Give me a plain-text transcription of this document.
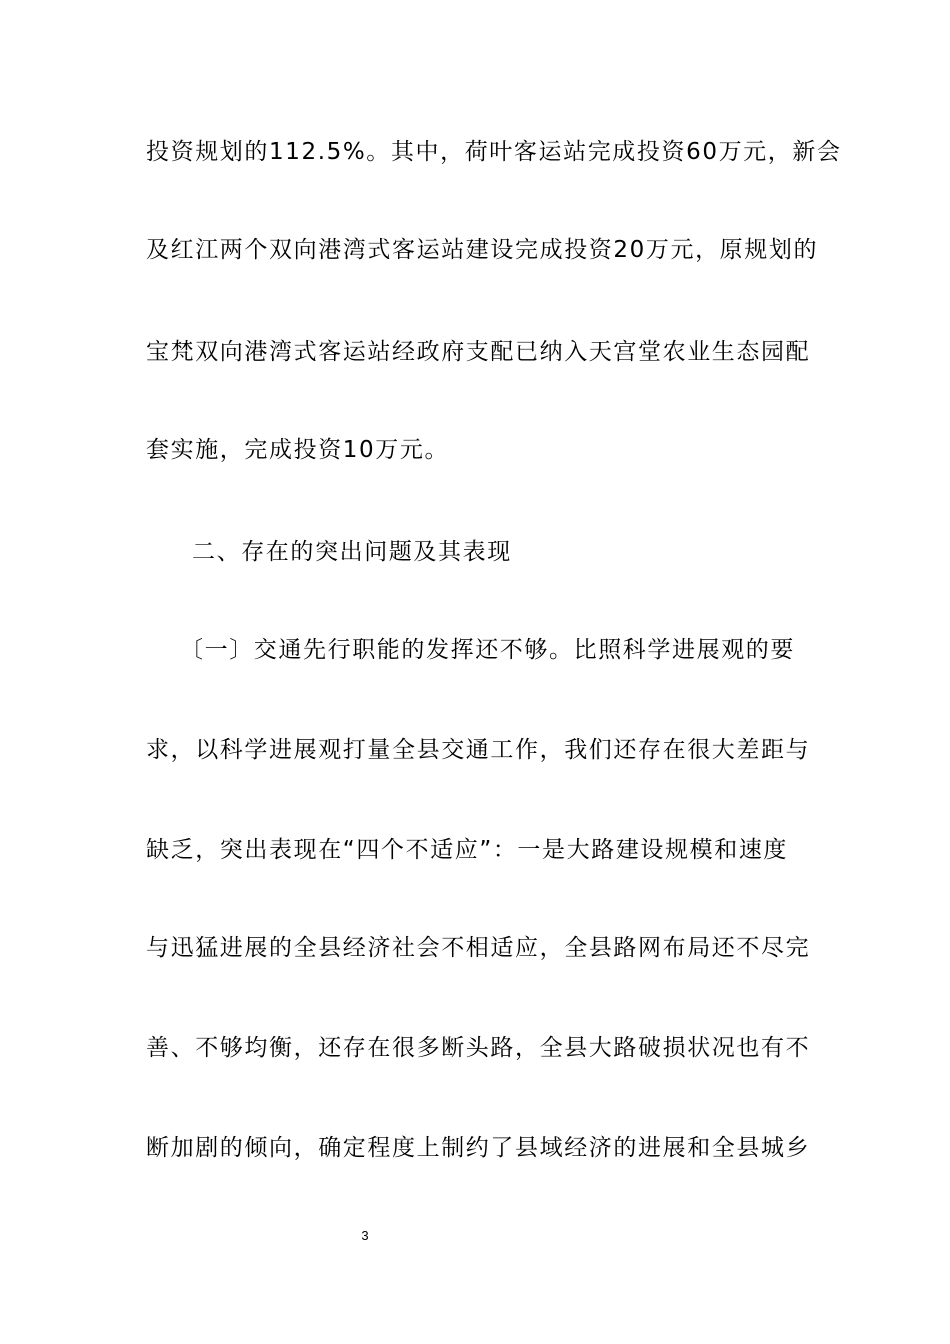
投资规划的112.5%。其中，荷叶客运站完成投资60万元，新会
及红江两个双向港湾式客运站建设完成投资20万元，原规划的
宝梵双向港湾式客运站经政府支配已纳入天宫堂农业生态园配
套实施，完成投资10万元。
二、存在的突出问题及其表现
〔一〕交通先行职能的发挥还不够。比照科学进展观的要
求，以科学进展观打量全县交通工作，我们还存在很大差距与
缺乏，突出表现在“四个不适应”：一是大路建设规模和速度
与迅猛进展的全县经济社会不相适应，全县路网布局还不尽完
善、不够均衡，还存在很多断头路，全县大路破损状况也有不
断加剧的倾向，确定程度上制约了县域经济的进展和全县城乡
3
